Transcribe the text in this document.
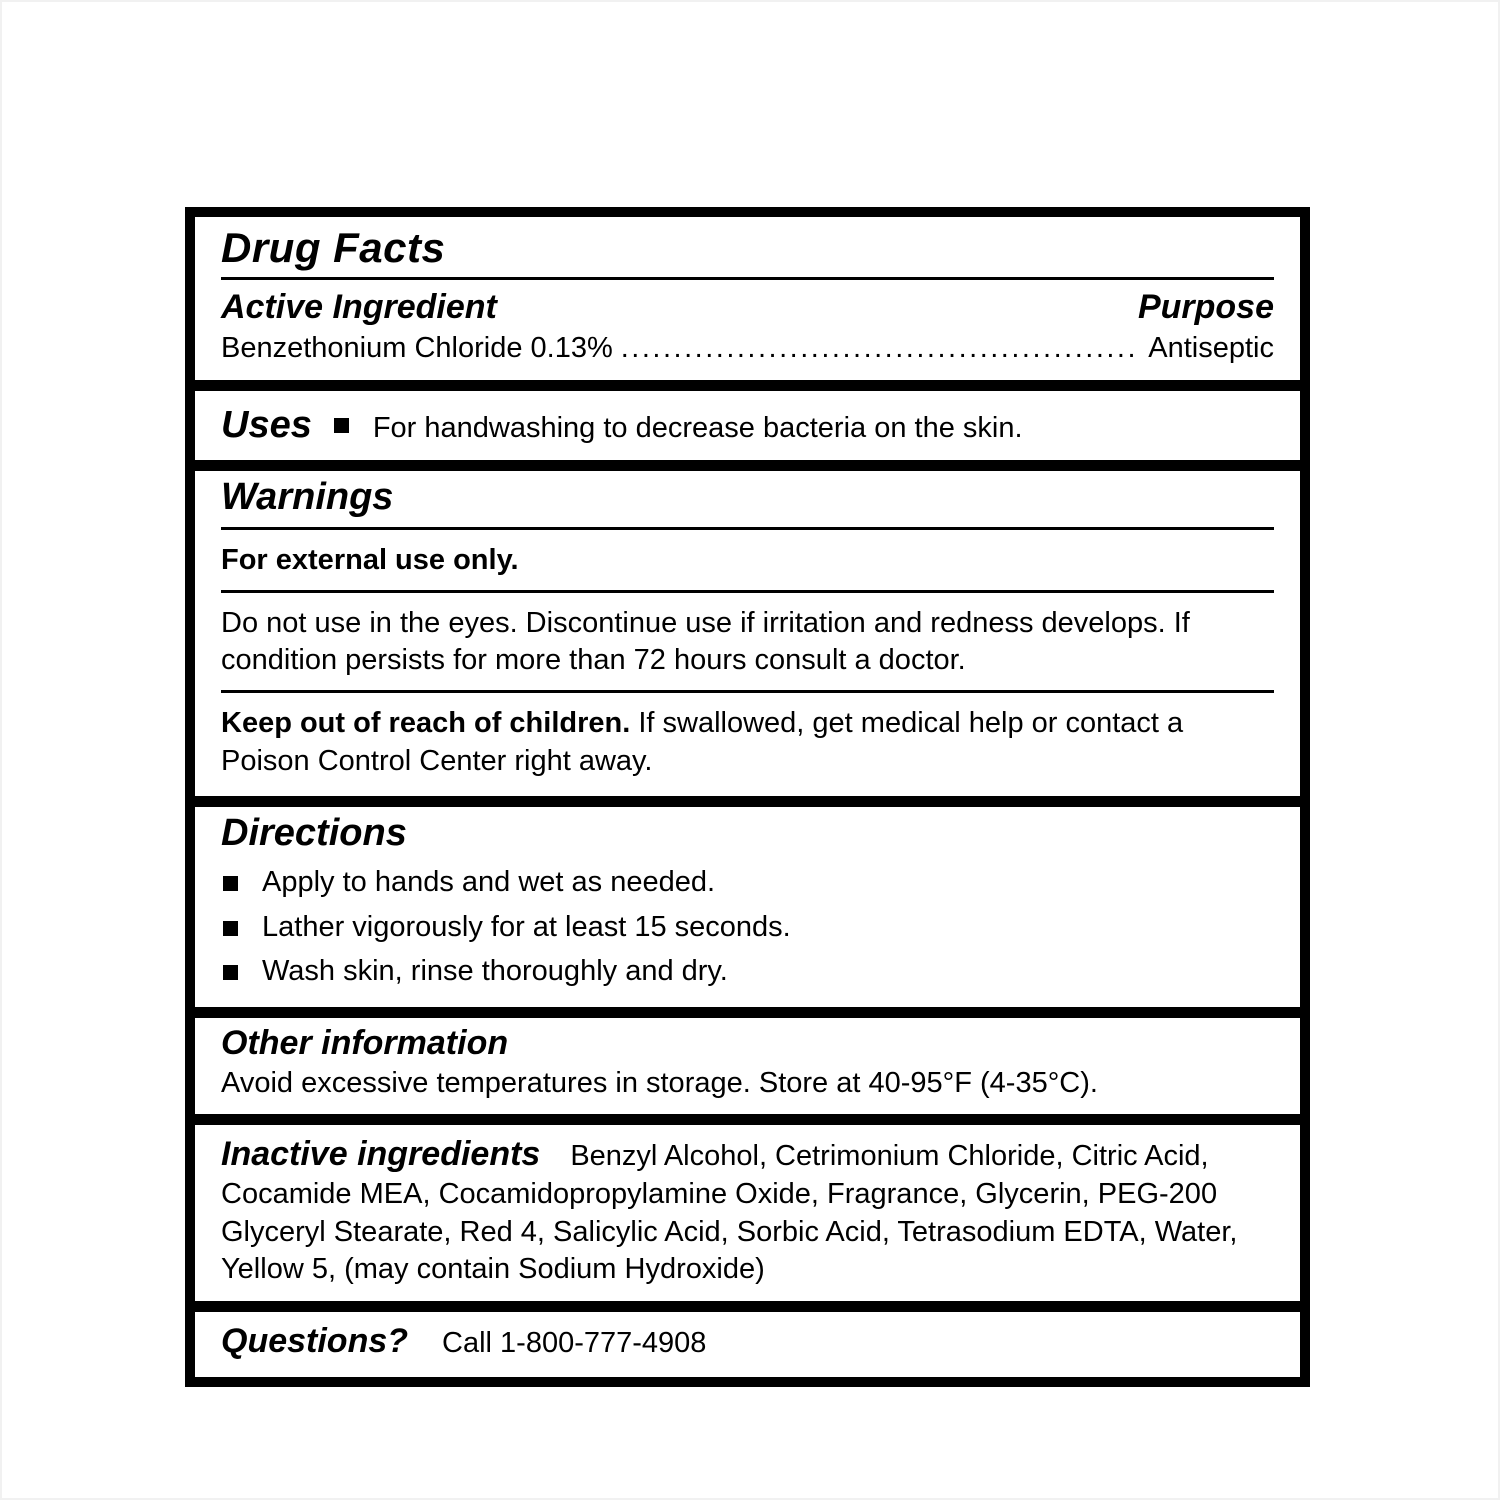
Drug Facts
Active Ingredient	Purpose
Benzethonium Chloride 0.13% .....	Antiseptic
Uses For handwashing to decrease bacteria on the skin.
Warnings
For external use only.
Do not use in the eyes. Discontinue use if irritation and redness develops. If condition persists for more than 72 hours consult a doctor.
Keep out of reach of children. If swallowed, get medical help or contact a Poison Control Center right away.
Directions
Apply to hands and wet as needed.
Lather vigorously for at least 15 seconds.
Wash skin, rinse thoroughly and dry.
Other information
Avoid excessive temperatures in storage. Store at 40-95°F (4-35°C).

Inactive ingredients Benzyl Alcohol, Cetrimonium Chloride, Citric Acid, Cocamide MEA, Cocamidopropylamine Oxide, Fragrance, Glycerin, PEG-200 Glyceryl Stearate, Red 4, Salicylic Acid, Sorbic Acid, Tetrasodium EDTA, Water, Yellow 5, (may contain Sodium Hydroxide)

Questions? Call 1-800-777-4908
